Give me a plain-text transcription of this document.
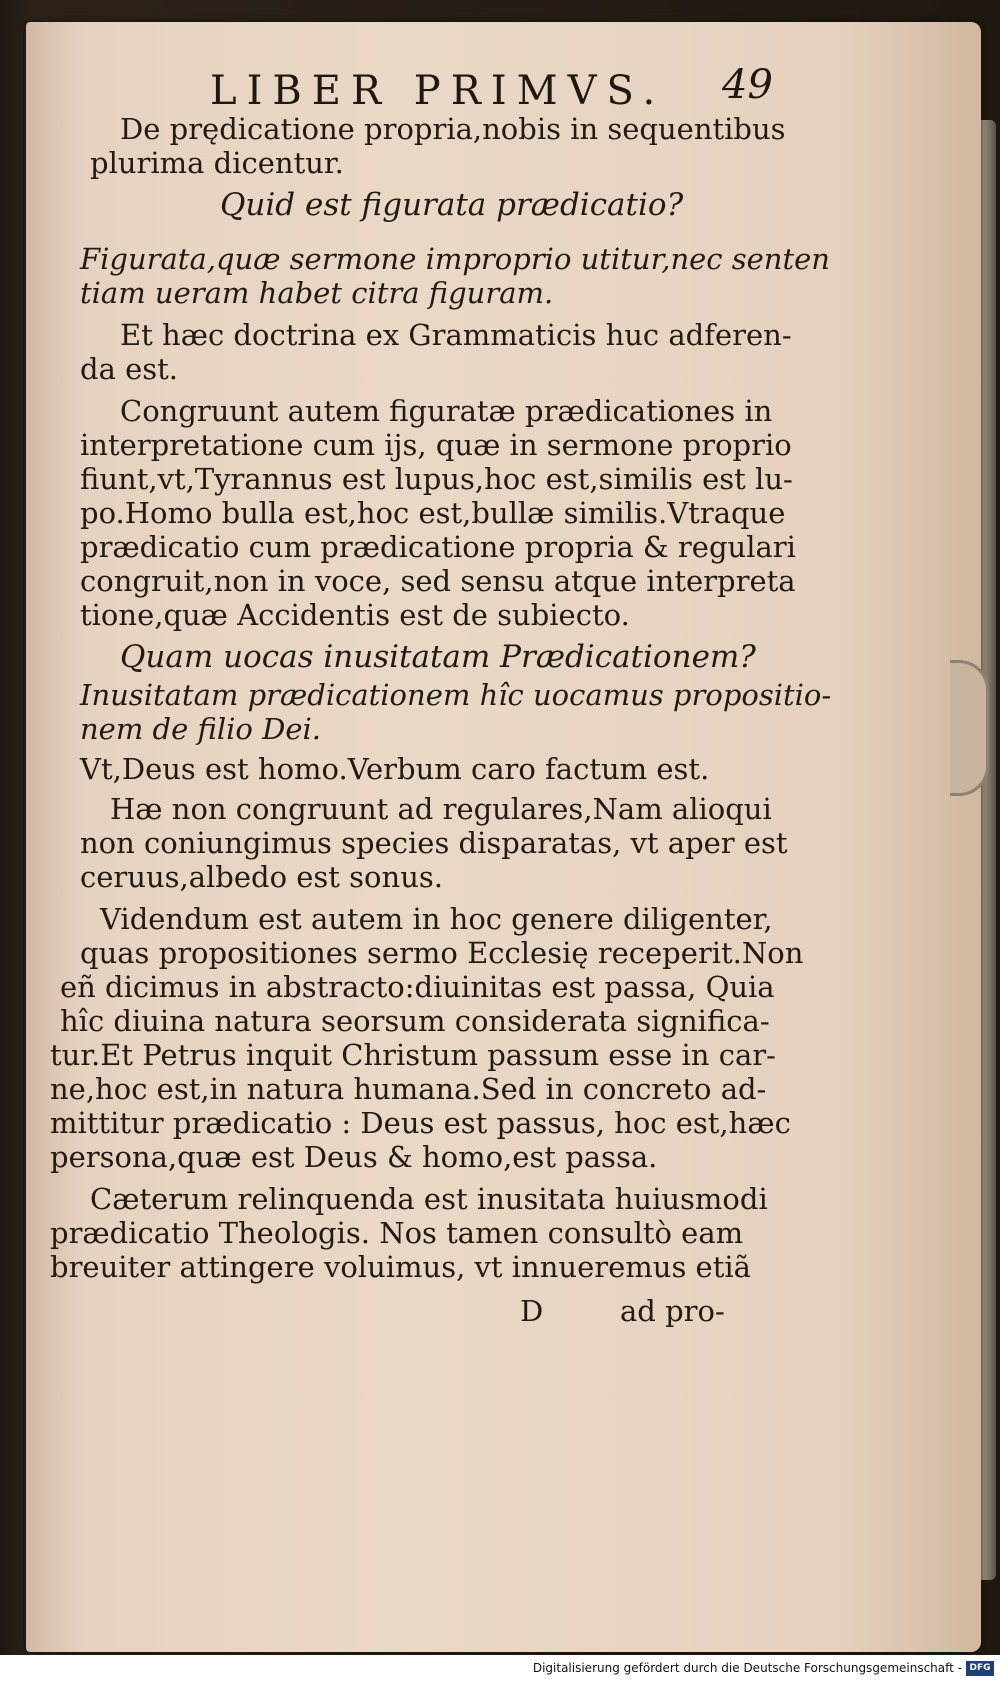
LIBER PRIMVS. 49
De prędicatione propria,nobis in sequentibus
plurima dicentur.
Quid est figurata prædicatio?
Figurata,quæ sermone improprio utitur,nec senten
tiam ueram habet citra figuram.
Et hæc doctrina ex Grammaticis huc adferen-
da est.
Congruunt autem figuratæ prædicationes in
interpretatione cum ijs, quæ in sermone proprio
fiunt,vt,Tyrannus est lupus,hoc est,similis est lu-
po.Homo bulla est,hoc est,bullæ similis.Vtraque
prædicatio cum prædicatione propria & regulari
congruit,non in voce, sed sensu atque interpreta
tione,quæ Accidentis est de subiecto.
Quam uocas inusitatam Prædicationem?
Inusitatam prædicationem hîc uocamus propositio-
nem de filio Dei.
Vt,Deus est homo.Verbum caro factum est.
Hæ non congruunt ad regulares,Nam alioqui
non coniungimus species disparatas, vt aper est
ceruus,albedo est sonus.
Videndum est autem in hoc genere diligenter,
quas propositiones sermo Ecclesię receperit.Non
eñ dicimus in abstracto:diuinitas est passa, Quia
hîc diuina natura seorsum considerata significa-
tur.Et Petrus inquit Christum passum esse in car-
ne,hoc est,in natura humana.Sed in concreto ad-
mittitur prædicatio : Deus est passus, hoc est,hæc
persona,quæ est Deus & homo,est passa.
Cæterum relinquenda est inusitata huiusmodi
prædicatio Theologis. Nos tamen consultò eam
breuiter attingere voluimus, vt innueremus etiã
D	ad pro-
Digitalisierung gefördert durch die Deutsche Forschungsgemeinschaft - DFG
